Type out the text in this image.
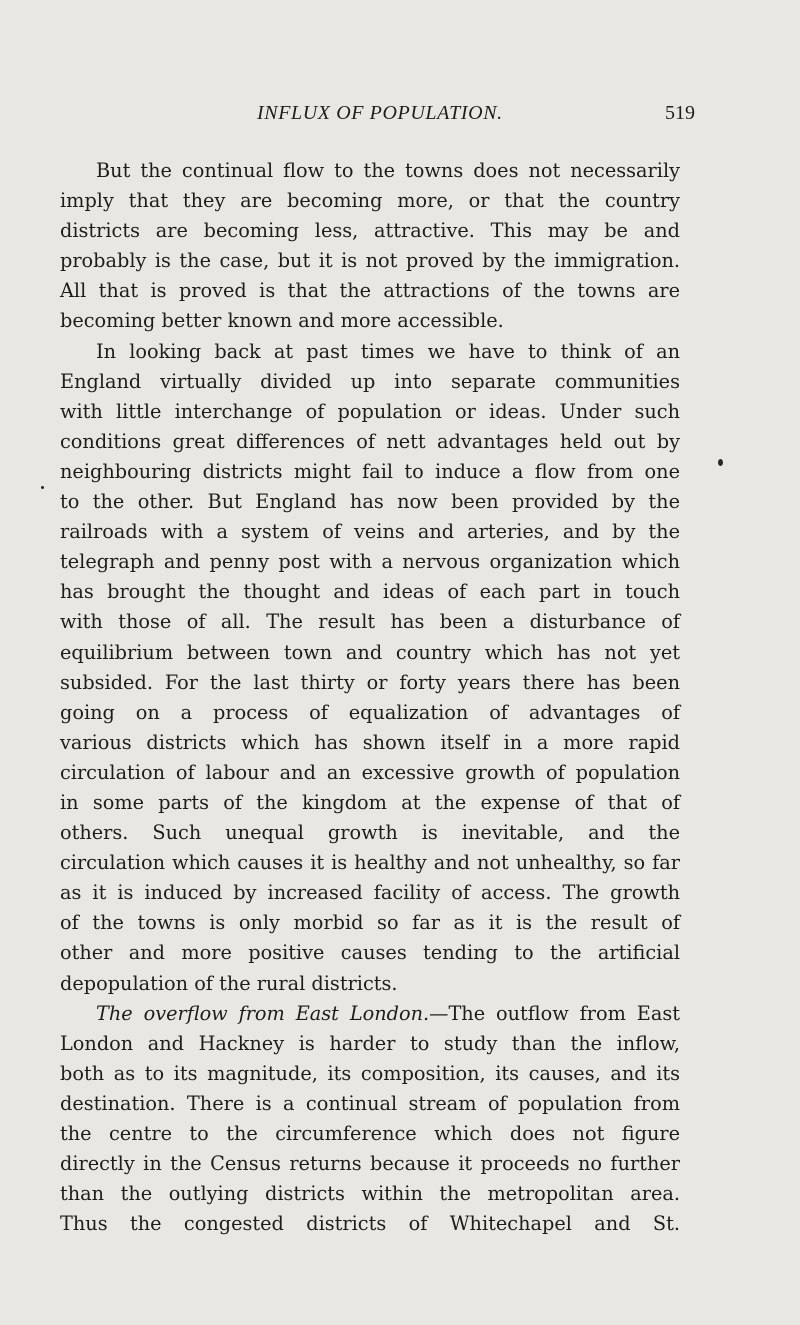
INFLUX OF POPULATION.	519
But the continual flow to the towns does not necessarily
imply that they are becoming more, or that the country
districts are becoming less, attractive. This may be and
probably is the case, but it is not proved by the immigration.
All that is proved is that the attractions of the towns are
becoming better known and more accessible.
In looking back at past times we have to think of an
England virtually divided up into separate communities
with little interchange of population or ideas. Under such
conditions great differences of nett advantages held out by
neighbouring districts might fail to induce a flow from one
to the other. But England has now been provided by the
railroads with a system of veins and arteries, and by the
telegraph and penny post with a nervous organization which
has brought the thought and ideas of each part in touch
with those of all. The result has been a disturbance of
equilibrium between town and country which has not yet
subsided. For the last thirty or forty years there has been
going on a process of equalization of advantages of
various districts which has shown itself in a more rapid
circulation of labour and an excessive growth of population
in some parts of the kingdom at the expense of that of
others. Such unequal growth is inevitable, and the
circulation which causes it is healthy and not unhealthy, so far
as it is induced by increased facility of access. The growth
of the towns is only morbid so far as it is the result of
other and more positive causes tending to the artificial
depopulation of the rural districts.
The overflow from East London.—The outflow from East
London and Hackney is harder to study than the inflow,
both as to its magnitude, its composition, its causes, and its
destination. There is a continual stream of population from
the centre to the circumference which does not figure
directly in the Census returns because it proceeds no further
than the outlying districts within the metropolitan area.
Thus the congested districts of Whitechapel and St.
